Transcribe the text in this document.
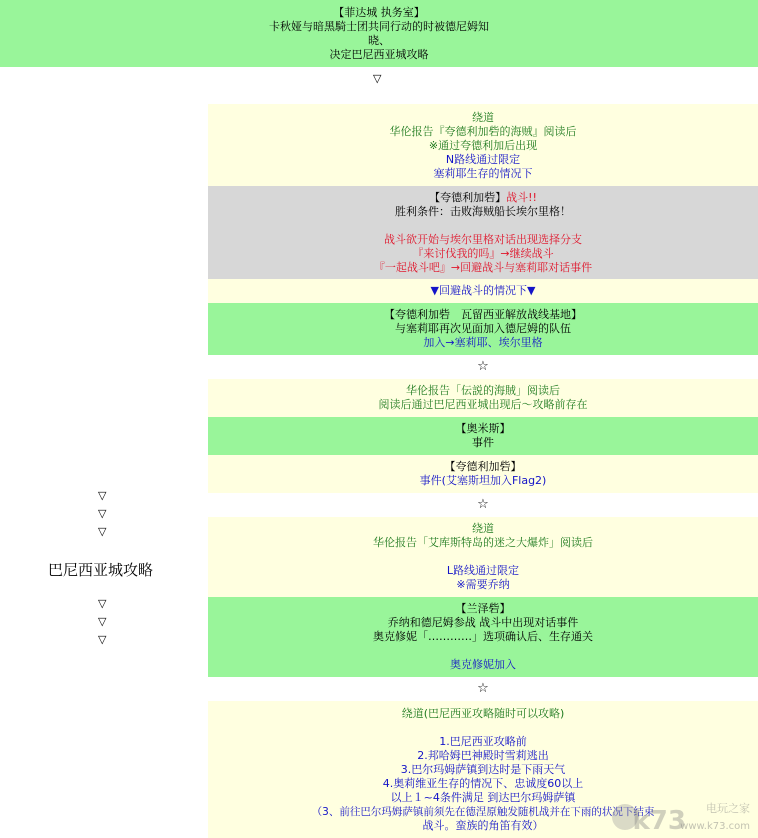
【菲达城 执务室】
卡秋娅与暗黑騎士团共同行动的时被德尼姆知
晓、
决定巴尼西亚城攻略
▽
▽
▽
▽
巴尼西亚城攻略
▽
▽
▽
绕道
华伦报告『夸德利加砦的海贼』阅读后
※通过夸德利加后出现
N路线通过限定
塞莉耶生存的情况下
【夸德利加砦】战斗!!
胜利条件：击败海贼船长埃尔里格！
战斗欲开始与埃尔里格对话出现选择分支
『来讨伐我的吗』→继续战斗
『一起战斗吧』→回避战斗与塞莉耶对话事件
▼回避战斗的情况下▼
【夸德利加砦　瓦留西亚解放战线基地】
与塞莉耶再次见面加入德尼姆的队伍
加入→塞莉耶、埃尔里格
☆
华伦报告「伝説的海賊」阅读后
阅读后通过巴尼西亚城出现后～攻略前存在
【奥米斯】
事件
【夸德利加砦】
事件(艾塞斯坦加入Flag2)
☆
绕道
华伦报告「艾库斯特岛的迷之大爆炸」阅读后
L路线通过限定
※需要乔纳
【兰泽砦】
乔纳和德尼姆参战 战斗中出现对话事件
奥克修妮「…………」选项确认后、生存通关
奥克修妮加入
☆
绕道(巴尼西亚攻略随时可以攻略)
1.巴尼西亚攻略前
2.邦哈姆巴神殿时雪莉逃出
3.巴尔玛姆萨镇到达时是下雨天气
4.奥莉维亚生存的情况下、忠诚度60以上
以上１~4条件满足 到达巴尔玛姆萨镇
（3、前往巴尔玛姆萨镇前须先在德涅原触发随机战并在下雨的状况下结束
战斗。蛮族的角笛有效）	k73 电玩之家
www.k73.com
